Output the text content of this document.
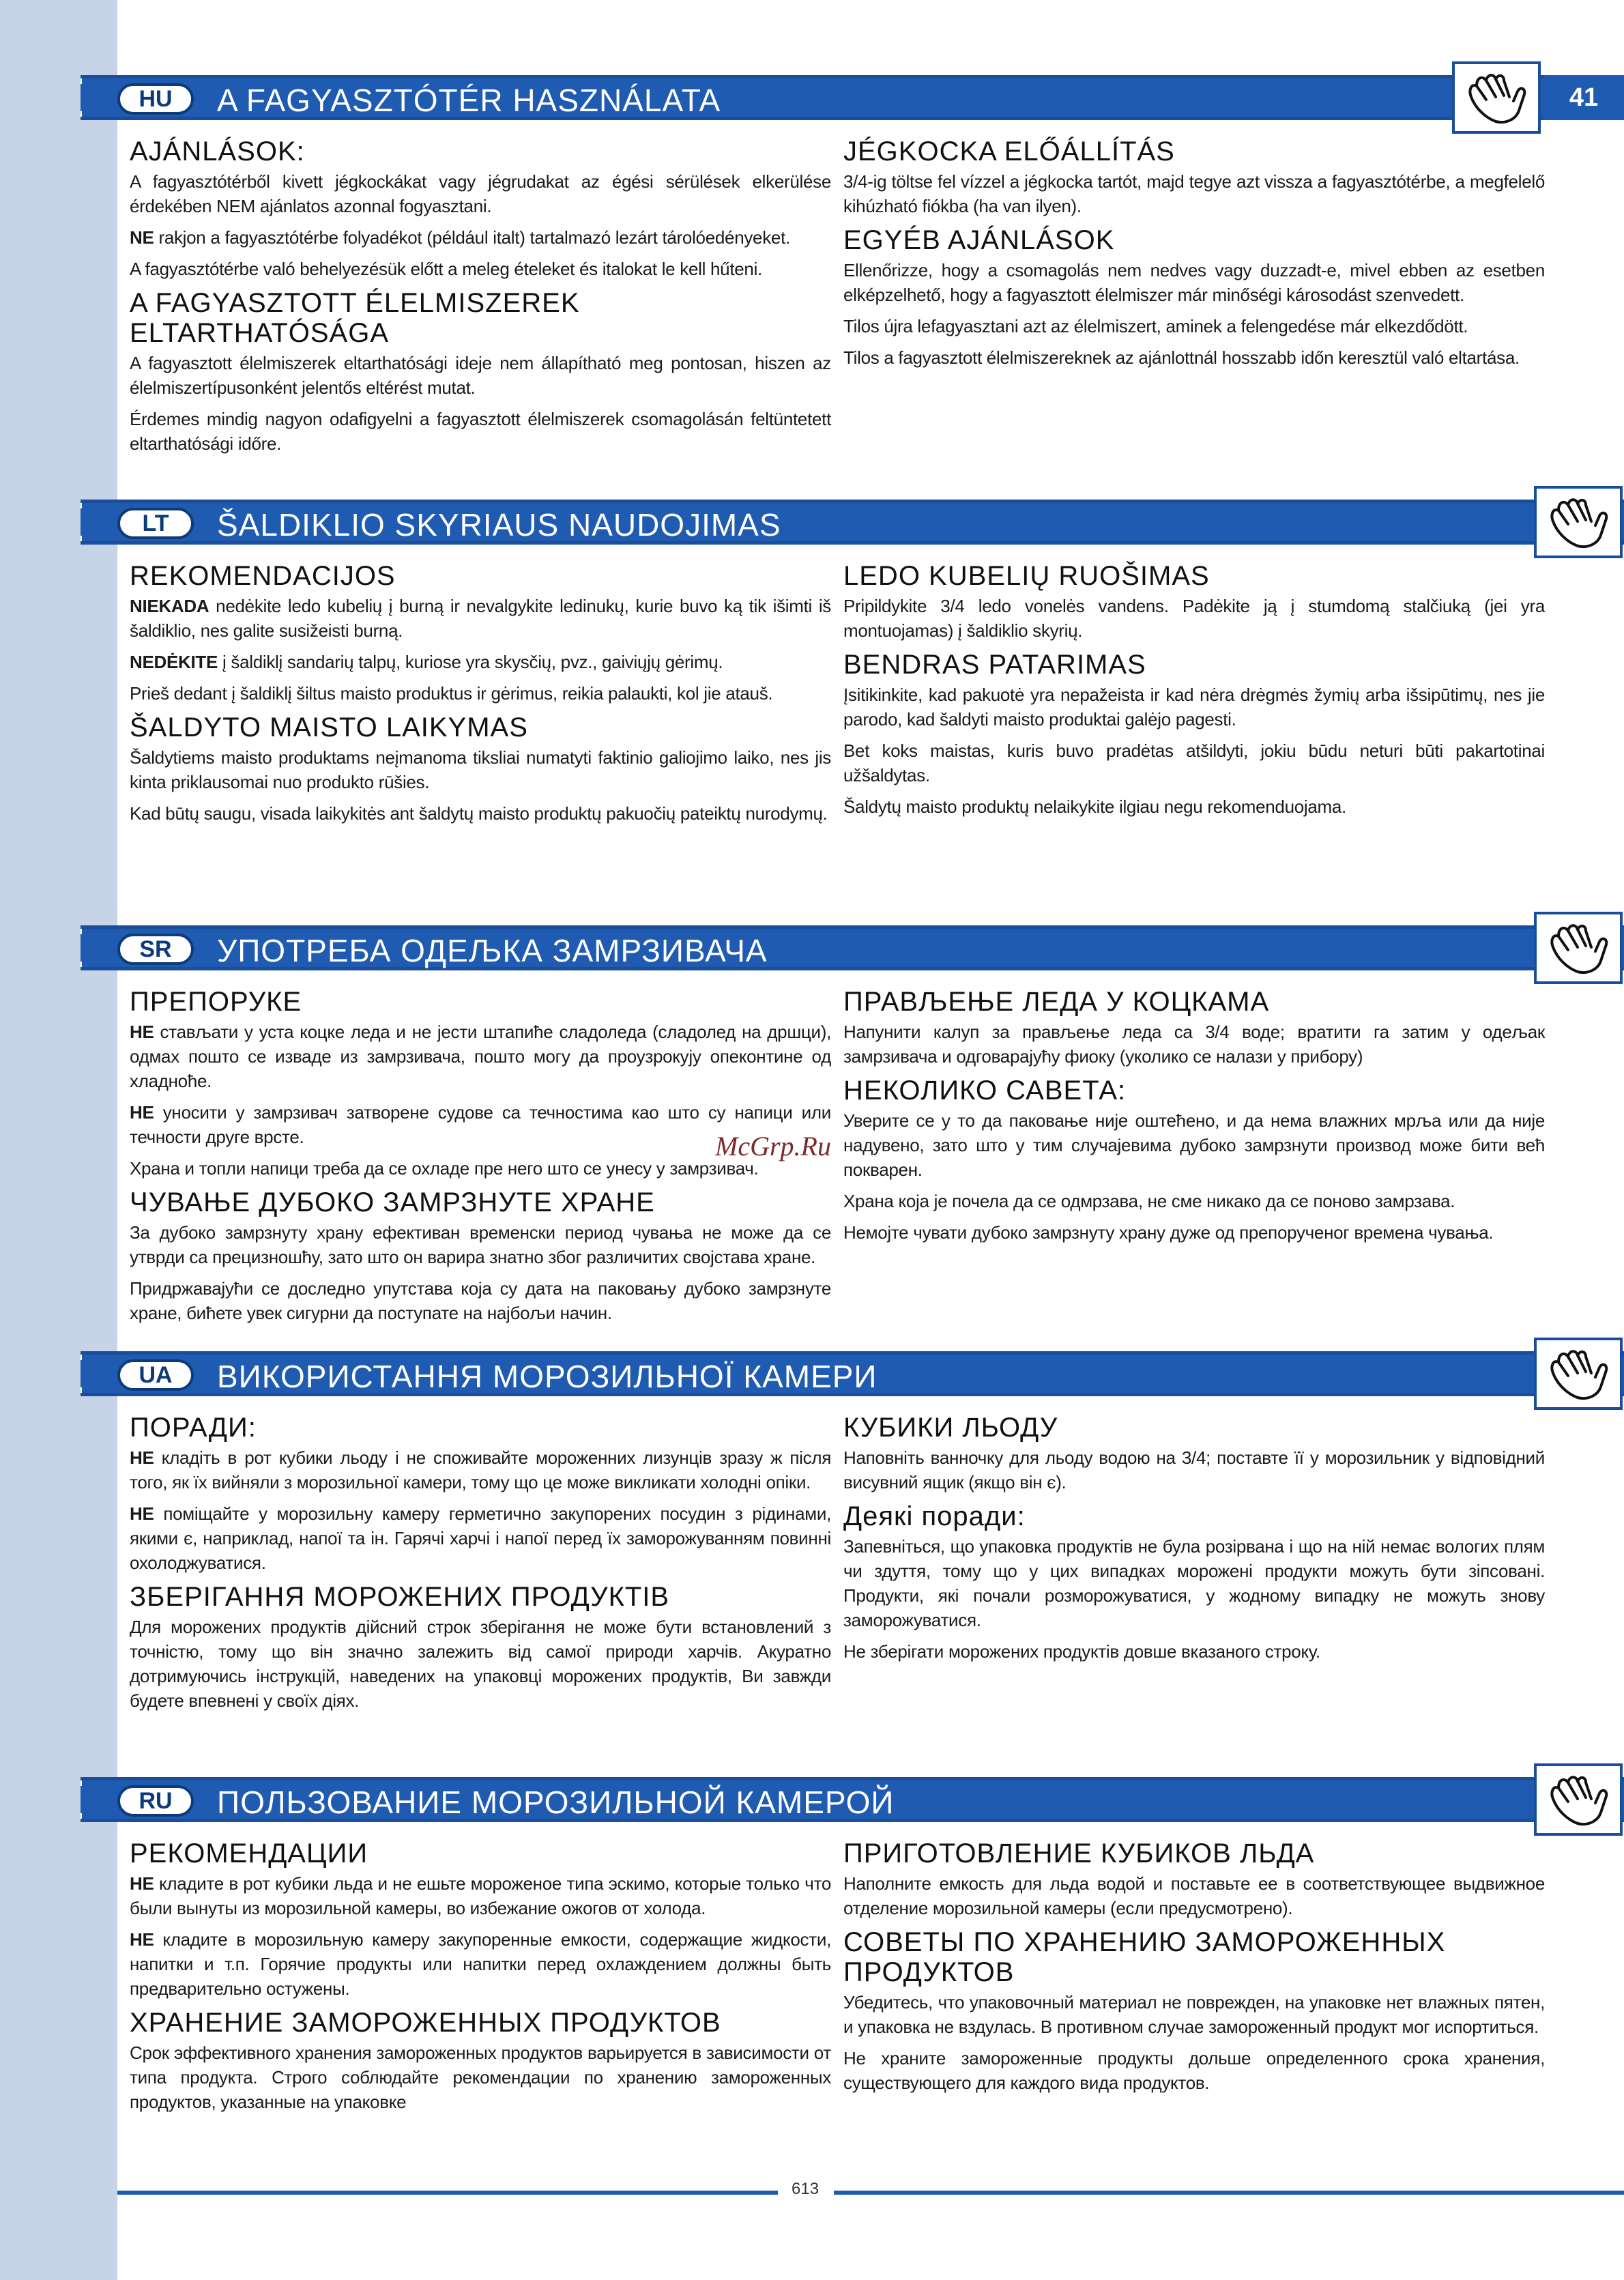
HU	A FAGYASZTÓTÉR HASZNÁLATA	41
AJÁNLÁSOK:

A fagyasztótérből kivett jégkockákat vagy jégrudakat az égési sérülések elkerülése érdekében NEM ajánlatos azonnal fogyasztani.

NE rakjon a fagyasztótérbe folyadékot (például italt) tartalmazó lezárt tárolóedényeket.

A fagyasztótérbe való behelyezésük előtt a meleg ételeket és italokat le kell hűteni.

A FAGYASZTOTT ÉLELMISZEREK ELTARTHATÓSÁGA

A fagyasztott élelmiszerek eltarthatósági ideje nem állapítható meg pontosan, hiszen az élelmiszertípusonként jelentős eltérést mutat.

Érdemes mindig nagyon odafigyelni a fagyasztott élelmiszerek csomagolásán feltüntetett eltarthatósági időre.

JÉGKOCKA ELŐÁLLÍTÁS

3/4-ig töltse fel vízzel a jégkocka tartót, majd tegye azt vissza a fagyasztótérbe, a megfelelő kihúzható fiókba (ha van ilyen).

EGYÉB AJÁNLÁSOK

Ellenőrizze, hogy a csomagolás nem nedves vagy duzzadt-e, mivel ebben az esetben elképzelhető, hogy a fagyasztott élelmiszer már minőségi károsodást szenvedett.

Tilos újra lefagyasztani azt az élelmiszert, aminek a felengedése már elkezdődött.

Tilos a fagyasztott élelmiszereknek az ajánlottnál hosszabb időn keresztül való eltartása.

LT	ŠALDIKLIO SKYRIAUS NAUDOJIMAS
REKOMENDACIJOS

NIEKADA nedėkite ledo kubelių į burną ir nevalgykite ledinukų, kurie buvo ką tik išimti iš šaldiklio, nes galite susižeisti burną.

NEDĖKITE į šaldiklį sandarių talpų, kuriose yra skysčių, pvz., gaiviųjų gėrimų.

Prieš dedant į šaldiklį šiltus maisto produktus ir gėrimus, reikia palaukti, kol jie atauš.

ŠALDYTO MAISTO LAIKYMAS

Šaldytiems maisto produktams neįmanoma tiksliai numatyti faktinio galiojimo laiko, nes jis kinta priklausomai nuo produkto rūšies.

Kad būtų saugu, visada laikykitės ant šaldytų maisto produktų pakuočių pateiktų nurodymų.

LEDO KUBELIŲ RUOŠIMAS

Pripildykite 3/4 ledo vonelės vandens. Padėkite ją į stumdomą stalčiuką (jei yra montuojamas) į šaldiklio skyrių.

BENDRAS PATARIMAS

Įsitikinkite, kad pakuotė yra nepažeista ir kad nėra drėgmės žymių arba išsipūtimų, nes jie parodo, kad šaldyti maisto produktai galėjo pagesti.

Bet koks maistas, kuris buvo pradėtas atšildyti, jokiu būdu neturi būti pakartotinai užšaldytas.

Šaldytų maisto produktų nelaikykite ilgiau negu rekomenduojama.

SR	УПОТРЕБА ОДЕЉКА ЗАМРЗИВАЧА
ПРЕПОРУКЕ

НЕ стављати у уста коцке леда и не јести штапиће сладоледа (сладолед на дршци), одмах пошто се изваде из замрзивача, пошто могу да проузрокују опеконтине од хладноће.

НЕ уносити у замрзивач затворене судове са течностима као што су напици или течности друге врсте.

Храна и топли напици треба да се охладе пре него што се унесу у замрзивач.

ЧУВАЊЕ ДУБОКО ЗАМРЗНУТЕ ХРАНЕ

За дубоко замрзнуту храну ефективан временски период чувања не може да се утврди са прецизношћу, зато што он варира знатно због различитих својстава хране.

Придржавајући се доследно упутстава која су дата на паковању дубоко замрзнуте хране, бићете увек сигурни да поступате на најбољи начин.

ПРАВЉЕЊЕ ЛЕДА У КОЦКАМА

Напунити калуп за прављење леда са 3/4 воде; вратити га затим у одељак замрзивача и одговарајућу фиоку (уколико се налази у прибору)

НЕКОЛИКО САВЕТА:

Уверите се у то да паковање није оштећено, и да нема влажних мрља или да није надувено, зато што у тим случајевима дубоко замрзнути производ може бити већ покварен.

Храна која је почела да се одмрзава, не сме никако да се поново замрзава.

Немојте чувати дубоко замрзнуту храну дуже од препорученог времена чувања.

UA	ВИКОРИСТАННЯ МОРОЗИЛЬНОЇ КАМЕРИ
ПОРАДИ:

НЕ кладіть в рот кубики льоду і не споживайте мороженних лизунців зразу ж після того, як їх вийняли з морозильної камери, тому що це може викликати холодні опіки.

НЕ поміщайте у морозильну камеру герметично закупорених посудин з рідинами, якими є, наприклад, напої та ін. Гарячі харчі і напої перед їх заморожуванням повинні охолоджуватися.

ЗБЕРІГАННЯ МОРОЖЕНИХ ПРОДУКТІВ

Для морожених продуктів дійсний строк зберігання не може бути встановлений з точністю, тому що він значно залежить від самої природи харчів. Акуратно дотримуючись інструкцій, наведених на упаковці морожених продуктів, Ви завжди будете впевнені у своїх діях.

КУБИКИ ЛЬОДУ

Наповніть ванночку для льоду водою на 3/4; поставте її у морозильник у відповідний висувний ящик (якщо він є).

Деякі поради:

Запевніться, що упаковка продуктів не була розірвана і що на ній немає вологих плям чи здуття, тому що у цих випадках морожені продукти можуть бути зіпсовані. Продукти, які почали розморожуватися, у жодному випадку не можуть знову заморожуватися.

Не зберігати морожених продуктів довше вказаного строку.

RU	ПОЛЬЗОВАНИЕ МОРОЗИЛЬНОЙ КАМЕРОЙ
РЕКОМЕНДАЦИИ

НЕ кладите в рот кубики льда и не ешьте мороженое типа эскимо, которые только что были вынуты из морозильной камеры, во избежание ожогов от холода.

НЕ кладите в морозильную камеру закупоренные емкости, содержащие жидкости, напитки и т.п. Горячие продукты или напитки перед охлаждением должны быть предварительно остужены.

ХРАНЕНИЕ ЗАМОРОЖЕННЫХ ПРОДУКТОВ

Срок эффективного хранения замороженных продуктов варьируется в зависимости от типа продукта. Строго соблюдайте рекомендации по хранению замороженных продуктов, указанные на упаковке

ПРИГОТОВЛЕНИЕ КУБИКОВ ЛЬДА

Наполните емкость для льда водой и поставьте ее в соответствующее выдвижное отделение морозильной камеры (если предусмотрено).

СОВЕТЫ ПО ХРАНЕНИЮ ЗАМОРОЖЕННЫХ ПРОДУКТОВ

Убедитесь, что упаковочный материал не поврежден, на упаковке нет влажных пятен, и упаковка не вздулась. В противном случае замороженный продукт мог испортиться.

Не храните замороженные продукты дольше определенного срока хранения, существующего для каждого вида продуктов.

McGrp.Ru
613
